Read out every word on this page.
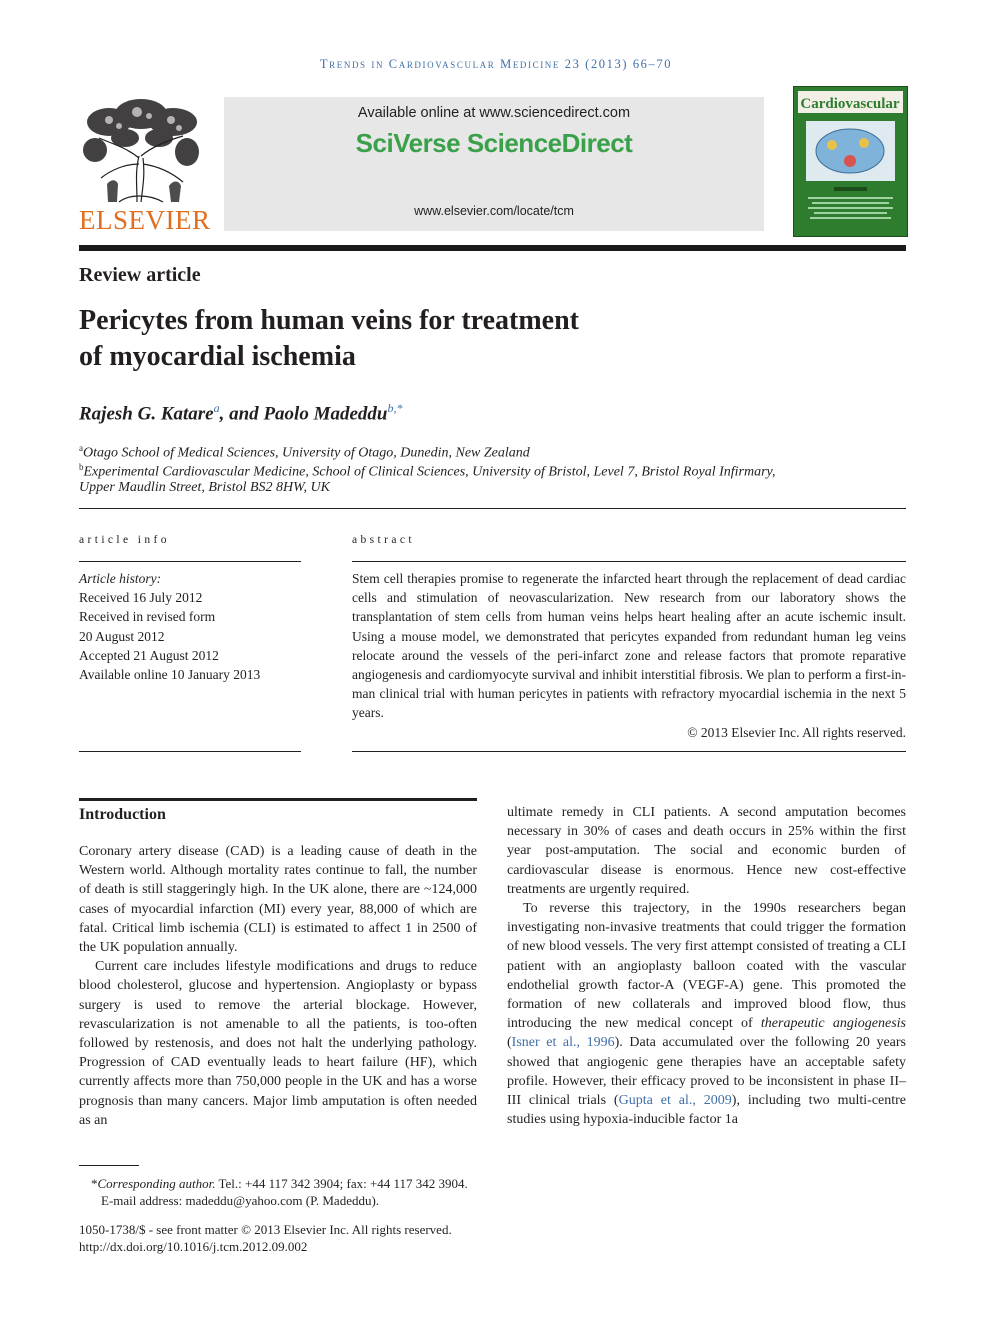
Trends in Cardiovascular Medicine 23 (2013) 66–70
ELSEVIER
Available online at www.sciencedirect.com
SciVerse ScienceDirect
www.elsevier.com/locate/tcm
Cardiovascular
Review article
Pericytes from human veins for treatment
of myocardial ischemia
Rajesh G. Katare$^a$, and Paolo Madeddu$^{b,*}$
$^a$Otago School of Medical Sciences, University of Otago, Dunedin, New Zealand
$^b$Experimental Cardiovascular Medicine, School of Clinical Sciences, University of Bristol, Level 7, Bristol Royal Infirmary,
Upper Maudlin Street, Bristol BS2 8HW, UK
article info
Article history:
Received 16 July 2012
Received in revised form
20 August 2012
Accepted 21 August 2012
Available online 10 January 2013
abstract
Stem cell therapies promise to regenerate the infarcted heart through the replacement of dead cardiac cells and stimulation of neovascularization. New research from our laboratory shows the transplantation of stem cells from human veins helps heart healing after an acute ischemic insult. Using a mouse model, we demonstrated that pericytes expanded from redundant human leg veins relocate around the vessels of the peri-infarct zone and release factors that promote reparative angiogenesis and cardiomyocyte survival and inhibit interstitial fibrosis. We plan to perform a first-in-man clinical trial with human pericytes in patients with refractory myocardial ischemia in the next 5 years.
© 2013 Elsevier Inc. All rights reserved.
Introduction

Coronary artery disease (CAD) is a leading cause of death in the Western world. Although mortality rates continue to fall, the number of death is still staggeringly high. In the UK alone, there are ~124,000 cases of myocardial infarction (MI) every year, 88,000 of which are fatal. Critical limb ischemia (CLI) is estimated to affect 1 in 2500 of the UK population annually.

Current care includes lifestyle modifications and drugs to reduce blood cholesterol, glucose and hypertension. Angioplasty or bypass surgery is used to remove the arterial blockage. However, revascularization is not amenable to all the patients, is too-often followed by restenosis, and does not halt the underlying pathology. Progression of CAD eventually leads to heart failure (HF), which currently affects more than 750,000 people in the UK and has a worse prognosis than many cancers. Major limb amputation is often needed as an

ultimate remedy in CLI patients. A second amputation becomes necessary in 30% of cases and death occurs in 25% within the first year post-amputation. The social and economic burden of cardiovascular disease is enormous. Hence new cost-effective treatments are urgently required.

To reverse this trajectory, in the 1990s researchers began investigating non-invasive treatments that could trigger the formation of new blood vessels. The very first attempt consisted of treating a CLI patient with an angioplasty balloon coated with the vascular endothelial growth factor-A (VEGF-A) gene. This promoted the formation of new collaterals and improved blood flow, thus introducing the new medical concept of therapeutic angiogenesis (Isner et al., 1996). Data accumulated over the following 20 years showed that angiogenic gene therapies have an acceptable safety profile. However, their efficacy proved to be inconsistent in phase II–III clinical trials (Gupta et al., 2009), including two multi-centre studies using hypoxia-inducible factor 1a

*Corresponding author. Tel.: +44 117 342 3904; fax: +44 117 342 3904.
E-mail address: madeddu@yahoo.com (P. Madeddu).
1050-1738/$ - see front matter © 2013 Elsevier Inc. All rights reserved.
http://dx.doi.org/10.1016/j.tcm.2012.09.002
